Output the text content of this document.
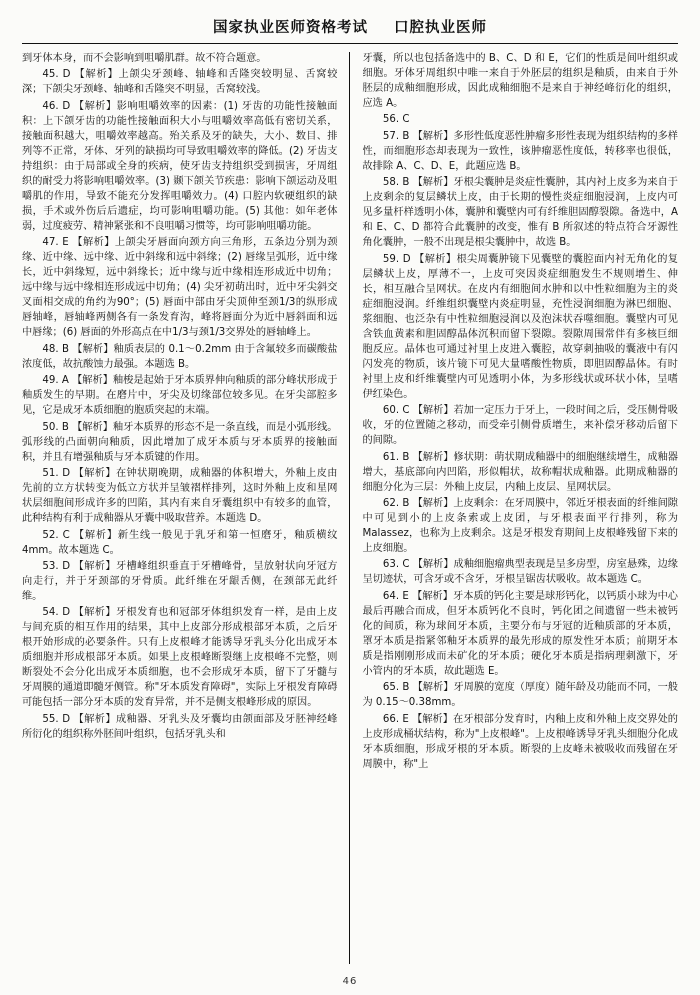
国家执业医师资格考试 口腔执业医师

到牙体本身，而不会影响到咀嚼肌群。故不符合题意。

45. D 【解析】上颌尖牙颈峰、轴峰和舌隆突较明显、舌窝较深；下颌尖牙颈峰、轴峰和舌隆突不明显，舌窝较浅。

46. D 【解析】影响咀嚼效率的因素：(1) 牙齿的功能性接触面积：上下颌牙齿的功能性接触面积大小与咀嚼效率高低有密切关系，接触面积越大，咀嚼效率越高。殆关系及牙的缺失，大小、数目、排列等不正常，牙体、牙列的缺损均可导致咀嚼效率的降低。(2) 牙齿支持组织：由于局部或全身的疾病，使牙齿支持组织受到损害，牙周组织的耐受力将影响咀嚼效率。(3) 颞下颌关节疾患：影响下颌运动及咀嚼肌的作用，导致不能充分发挥咀嚼效力。(4) 口腔内软硬组织的缺损，手术或外伤后后遗症，均可影响咀嚼功能。(5) 其他：如年老体弱，过度疲劳、精神紧张和不良咀嚼习惯等，均可影响咀嚼功能。

47. E 【解析】上颌尖牙唇面向颈方向三角形，五条边分别为颈缘、近中缘、远中缘、近中斜缘和远中斜缘；(2) 唇缘呈弧形，近中缘长，近中斜缘短，远中斜缘长；近中缘与近中缘相连形成近中切角；远中缘与远中缘相连形成远中切角；(4) 尖牙初萌出时，近中牙尖斜交叉面相交成的角约为90°；(5) 唇面中部由牙尖顶伸至颈1/3的纵形成唇轴峰，唇轴峰两侧各有一条发育沟，峰将唇面分为近中唇斜面和远中唇缘；(6) 唇面的外形高点在中1/3与颈1/3交界处的唇轴峰上。

48. B 【解析】釉质表层的 0.1～0.2mm 由于含氟较多而碳酸盐浓度低，故抗酸蚀力最强。本题选 B。

49. A 【解析】釉梭是起始于牙本质界伸向釉质的部分峰状形成于釉质发生的早期。在磨片中，牙尖及切缘部位较多见。在牙尖部腔多见，它是成牙本质细胞的胞质突起的末端。

50. B 【解析】釉牙本质界的形态不是一条直线，而是小弧形线。弧形线的凸面朝向釉质，因此增加了成牙本质与牙本质界的接触面积，并且有增强釉质与牙本质键的作用。

51. D 【解析】在钟状期晚期，成釉器的体积增大，外釉上皮由先前的立方状转变为低立方状并呈皱褶样排列，这时外釉上皮和星网状层细胞间形成许多的凹陷，其内有来自牙囊组织中有较多的血管，此种结构有利于成釉器从牙囊中吸取营养。本题选 D。

52. C 【解析】新生线一般见于乳牙和第一恒磨牙，釉质横纹 4mm。故本题选 C。

53. D 【解析】牙槽峰组织垂直于牙槽峰骨，呈放射状向牙冠方向走行，并于牙颈部的牙骨质。此纤维在牙龈舌侧，在颈部无此纤维。

54. D 【解析】牙根发育也和冠部牙体组织发育一样，是由上皮与间充质的相互作用的结果，其中上皮部分形成根部牙本质，之后牙根开始形成的必要条件。只有上皮根峰才能诱导牙乳头分化出成牙本质细胞并形成根部牙本质。如果上皮根峰断裂继上皮根峰不完整，则断裂处不会分化出成牙本质细胞，也不会形成牙本质，留下了牙髓与牙周膜的通道即髓牙侧管。称"牙本质发育障碍"，实际上牙根发育障碍可能包括一部分牙本质的发育异常，并不是侧支根峰形成的原因。

55. D 【解析】成釉器、牙乳头及牙囊均由颌面部及牙胚神经峰所衍化的组织称外胚间叶组织，包括牙乳头和

牙囊，所以也包括备选中的 B、C、D 和 E，它们的性质是间叶组织或细胞。牙体牙周组织中唯一来自于外胚层的组织是釉质，由来自于外胚层的成釉细胞形成，因此成釉细胞不是来自于神经峰衍化的组织，应选 A。

56. C

57. B 【解析】多形性低度恶性肿瘤多形性表现为组织结构的多样性，而细胞形态却表现为一致性，该肿瘤恶性度低，转移率也很低，故排除 A、C、D、E，此题应选 B。

58. B 【解析】牙根尖囊肿是炎症性囊肿，其内衬上皮多为来自于上皮剩余的复层鳞状上皮，由于长期的慢性炎症细胞浸润，上皮内可见多量杆样透明小体，囊肿和囊壁内可有纤维胆固醇裂隙。备选中，A 和 E、C、D 都符合此囊肿的改变，惟有 B 所叙述的特点符合牙源性角化囊肿，一般不出现是根尖囊肿中，故选 B。

59. D 【解析】根尖周囊肿镜下见囊壁的囊腔面内衬无角化的复层鳞状上皮，厚薄不一，上皮可突因炎症细胞发生不规则增生、伸长，相互融合呈网状。在皮内有细胞间水肿和以中性粒细胞为主的炎症细胞浸润。纤维组织囊壁内炎症明显，充性浸润细胞为淋巴细胞、浆细胞、也泛杂有中性粒细胞浸润以及泡沫状吞噬细胞。囊壁内可见含铁血黄素和胆固醇晶体沉积而留下裂隙。裂隙周围常伴有多核巨细胞反应。晶体也可通过衬里上皮进入囊腔，故穿刺抽吸的囊液中有闪闪发亮的物质，该片镜下可见大量嗜酸性物质，即胆固醇晶体。有时衬里上皮和纤维囊壁内可见透明小体，为多形线状或环状小体，呈嗜伊红染色。

60. C 【解析】若加一定压力于牙上，一段时间之后，受压侧骨吸收，牙的位置随之移动，而受牵引侧骨质增生，来补偿牙移动后留下的间隙。

61. B 【解析】修状期：萌状期成釉器中的细胞继续增生，成釉器增大，基底部向内凹陷，形似帽状，故称帽状成釉器。此期成釉器的细胞分化为三层：外釉上皮层，内釉上皮层、星网状层。

62. B 【解析】上皮剩余：在牙周膜中，邻近牙根表面的纤维间隙中可见到小的上皮条索或上皮团，与牙根表面平行排列，称为 Malassez，也称为上皮剩余。这是牙根发育期间上皮根峰残留下来的上皮细胞。

63. C 【解析】成釉细胞瘤典型表现是呈多房型，房室悬殊，边缘呈切迹状，可含牙或不含牙，牙根呈锯齿状吸收。故本题选 C。

64. E 【解析】牙本质的钙化主要是球形钙化，以钙质小球为中心最后再融合而成，但牙本质钙化不良时，钙化团之间遗留一些未被钙化的间质，称为球间牙本质，主要分布与牙冠的近釉质部的牙本质，罩牙本质是指紧邻釉牙本质界的最先形成的原发性牙本质；前期牙本质是指刚刚形成而未矿化的牙本质；硬化牙本质是指病理刺激下，牙小管内的牙本质，故此题选 E。

65. B 【解析】牙周膜的宽度（厚度）随年龄及功能而不同，一般为 0.15～0.38mm。

66. E 【解析】在牙根部分发育时，内釉上皮和外釉上皮交界处的上皮形成桶状结构，称为"上皮根峰"。上皮根峰诱导牙乳头细胞分化成牙本质细胞，形成牙根的牙本质。断裂的上皮峰未被吸收而残留在牙周膜中，称"上

46
